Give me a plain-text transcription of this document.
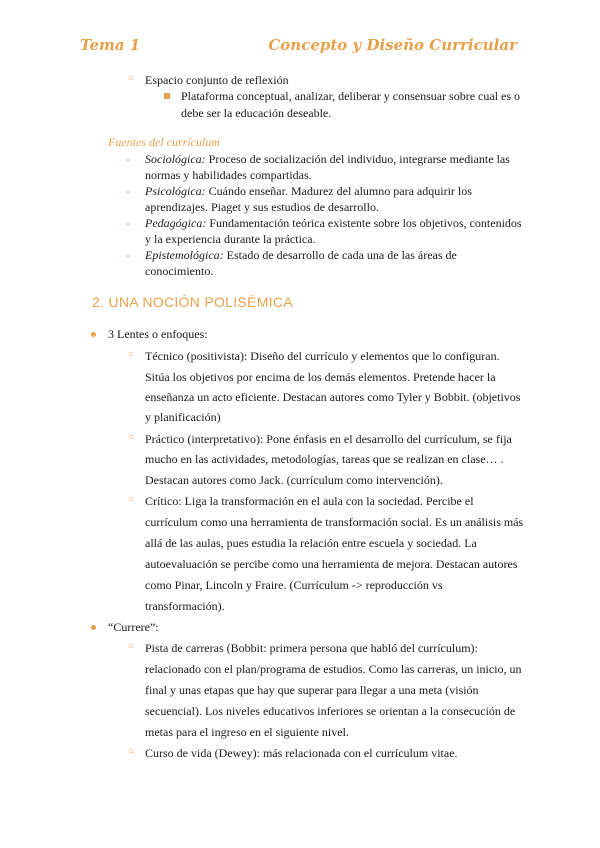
Tema 1	Concepto y Diseño Curricular
○ Espacio conjunto de reflexión
Plataforma conceptual, analizar, deliberar y consensuar sobre cual es o
debe ser la educación deseable.
Fuentes del currículum
- Sociológica: Proceso de socialización del individuo, integrarse mediante las
normas y habilidades compartidas.
- Psicológica: Cuándo enseñar. Madurez del alumno para adquirir los
aprendizajes. Piaget y sus estudios de desarrollo.
- Pedagógica: Fundamentación teórica existente sobre los objetivos, contenidos
y la experiencia durante la práctica.
- Epistemológica: Estado de desarrollo de cada una de las áreas de
conocimiento.
2. UNA NOCIÓN POLISÉMICA
3 Lentes o enfoques:
○ Técnico (positivista): Diseño del currículo y elementos que lo configuran.
Sitúa los objetivos por encima de los demás elementos. Pretende hacer la
enseñanza un acto eficiente. Destacan autores como Tyler y Bobbit. (objetivos
y planificación)
○ Práctico (interpretativo): Pone énfasis en el desarrollo del currículum, se fija
mucho en las actividades, metodologías, tareas que se realizan en clase… .
Destacan autores como Jack. (currículum como intervención).
○ Crítico: Liga la transformación en el aula con la sociedad. Percibe el
currículum como una herramienta de transformación social. Es un análisis más
allá de las aulas, pues estudia la relación entre escuela y sociedad. La
autoevaluación se percibe como una herramienta de mejora. Destacan autores
como Pinar, Lincoln y Fraire. (Currículum -> reproducción vs
transformación).
“Currere”:
○ Pista de carreras (Bobbit: primera persona que habló del currículum):
relacionado con el plan/programa de estudios. Como las carreras, un inicio, un
final y unas etapas que hay que superar para llegar a una meta (visión
secuencial). Los niveles educativos inferiores se orientan a la consecución de
metas para el ingreso en el siguiente nivel.
○ Curso de vida (Dewey): más relacionada con el currículum vitae.
